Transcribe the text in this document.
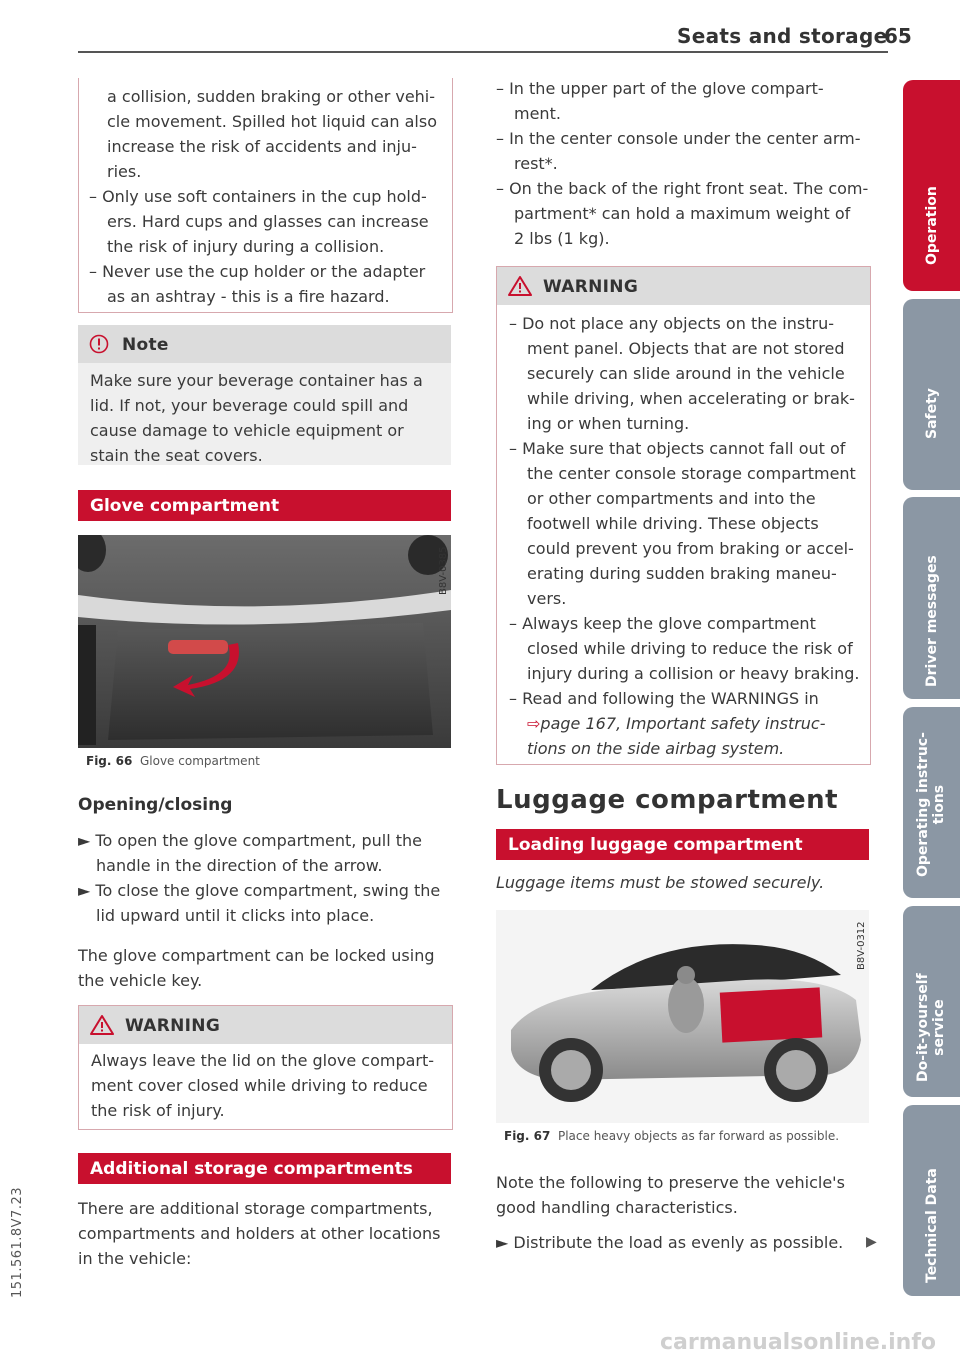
Seats and storage
65
151.561.8V7.23
Operation
Safety
Driver messages
Operating instruc-
tions
Do-it-yourself
service
Technical Data
a collision, sudden braking or other vehi-
cle movement. Spilled hot liquid can also
increase the risk of accidents and inju-
ries.
– Only use soft containers in the cup hold-
ers. Hard cups and glasses can increase
the risk of injury during a collision.
– Never use the cup holder or the adapter
as an ashtray - this is a fire hazard.
Note
Make sure your beverage container has a
lid. If not, your beverage could spill and
cause damage to vehicle equipment or
stain the seat covers.
Glove compartment
B8V-0385
Fig. 66 Glove compartment
Opening/closing
► To open the glove compartment, pull the
handle in the direction of the arrow.
► To close the glove compartment, swing the
lid upward until it clicks into place.
The glove compartment can be locked using
the vehicle key.
WARNING
Always leave the lid on the glove compart-
ment cover closed while driving to reduce
the risk of injury.
Additional storage compartments
There are additional storage compartments,
compartments and holders at other locations
in the vehicle:
– In the upper part of the glove compart-
ment.
– In the center console under the center arm-
rest*.
– On the back of the right front seat. The com-
partment* can hold a maximum weight of
2 lbs (1 kg).
WARNING
– Do not place any objects on the instru-
ment panel. Objects that are not stored
securely can slide around in the vehicle
while driving, when accelerating or brak-
ing or when turning.
– Make sure that objects cannot fall out of
the center console storage compartment
or other compartments and into the
footwell while driving. These objects
could prevent you from braking or accel-
erating during sudden braking maneu-
vers.
– Always keep the glove compartment
closed while driving to reduce the risk of
injury during a collision or heavy braking.
– Read and following the WARNINGS in
⇨page 167, Important safety instruc-
tions on the side airbag system.
Luggage compartment
Loading luggage compartment
Luggage items must be stowed securely.
B8V-0312
Fig. 67 Place heavy objects as far forward as possible.
Note the following to preserve the vehicle's
good handling characteristics.
► Distribute the load as evenly as possible. ▶
carmanualsonline.info
